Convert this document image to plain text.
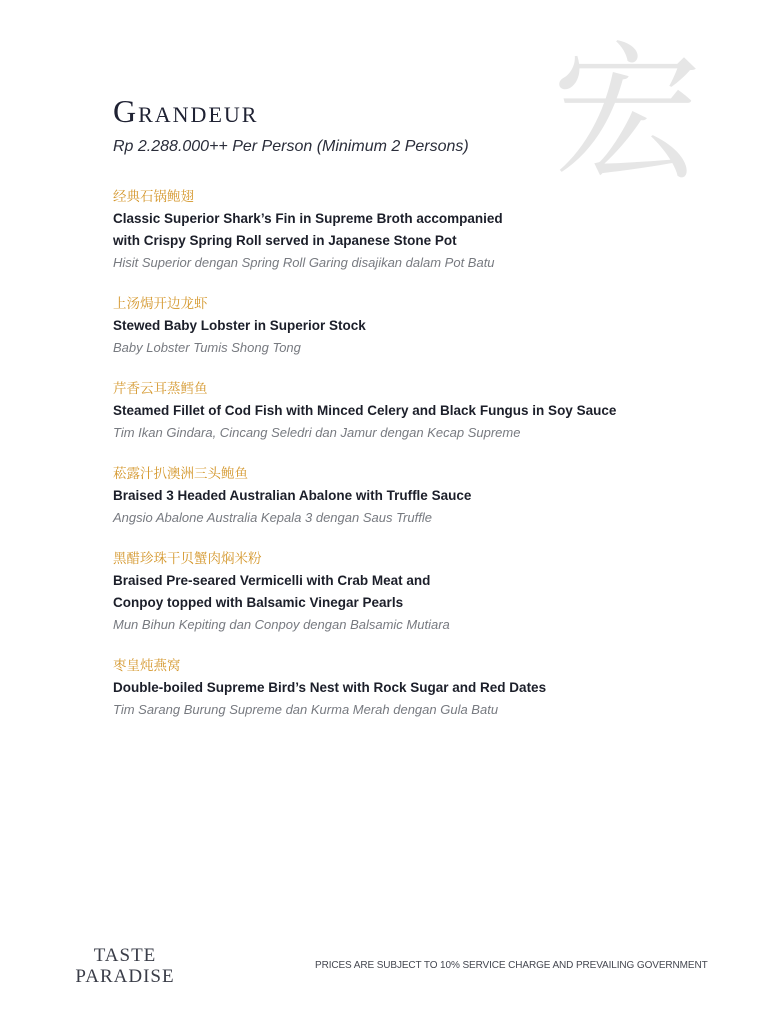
宏
Grandeur
Rp 2.288.000++ Per Person (Minimum 2 Persons)
经典石锅鲍翅
Classic Superior Shark’s Fin in Supreme Broth accompanied
with Crispy Spring Roll served in Japanese Stone Pot
Hisit Superior dengan Spring Roll Garing disajikan dalam Pot Batu
上汤焗开边龙虾
Stewed Baby Lobster in Superior Stock
Baby Lobster Tumis Shong Tong
芹香云耳蒸鳕鱼
Steamed Fillet of Cod Fish with Minced Celery and Black Fungus in Soy Sauce
Tim Ikan Gindara, Cincang Seledri dan Jamur dengan Kecap Supreme
菘露汁扒澳洲三头鲍鱼
Braised 3 Headed Australian Abalone with Truffle Sauce
Angsio Abalone Australia Kepala 3 dengan Saus Truffle
黑醋珍珠干贝蟹肉焖米粉
Braised Pre-seared Vermicelli with Crab Meat and
Conpoy topped with Balsamic Vinegar Pearls
Mun Bihun Kepiting dan Conpoy dengan Balsamic Mutiara
枣皇炖燕窝
Double-boiled Supreme Bird’s Nest with Rock Sugar and Red Dates
Tim Sarang Burung Supreme dan Kurma Merah dengan Gula Batu
TASTE
PARADISE
PRICES ARE SUBJECT TO 10% SERVICE CHARGE AND PREVAILING GOVERNMENT
